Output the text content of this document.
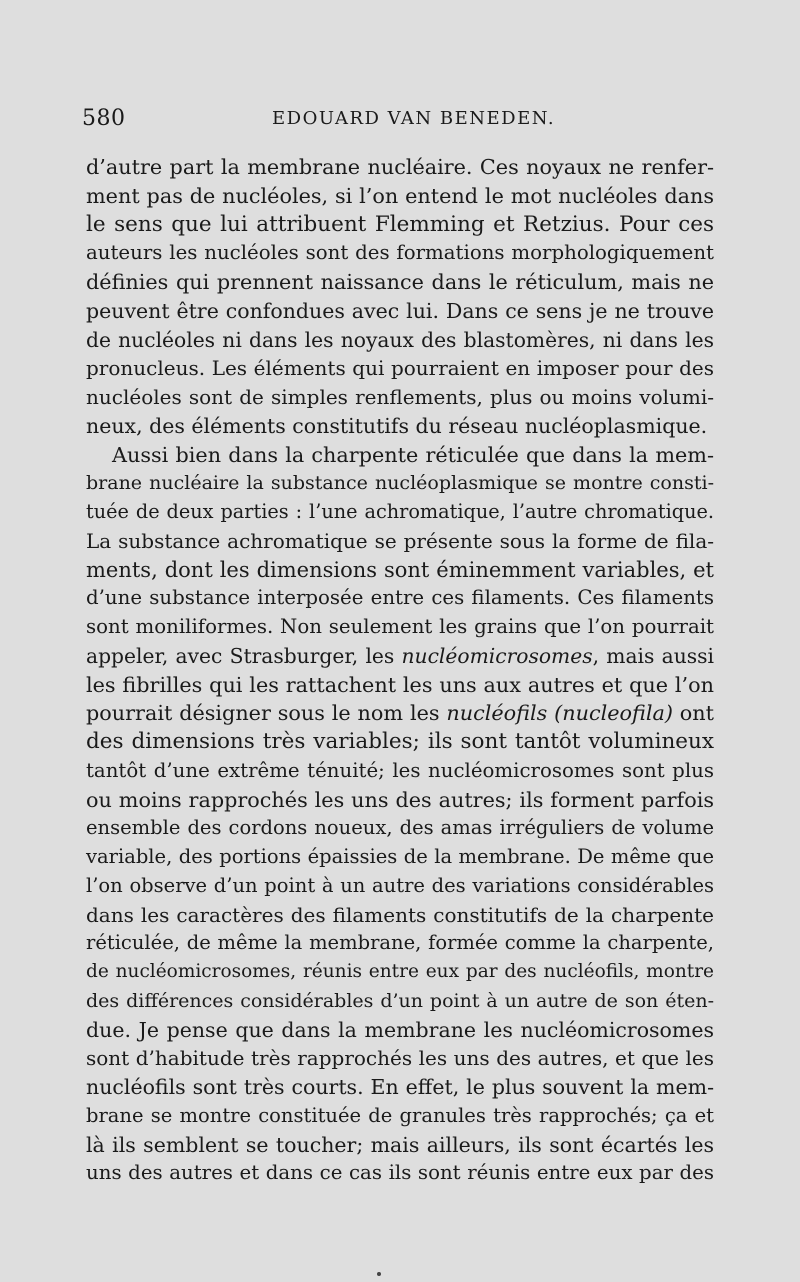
580	EDOUARD VAN BENEDEN.
d’autre part la membrane nucléaire. Ces noyaux ne renfer-
ment pas de nucléoles, si l’on entend le mot nucléoles dans
le sens que lui attribuent Flemming et Retzius. Pour ces
auteurs les nucléoles sont des formations morphologiquement
définies qui prennent naissance dans le réticulum, mais ne
peuvent être confondues avec lui. Dans ce sens je ne trouve
de nucléoles ni dans les noyaux des blastomères, ni dans les
pronucleus. Les éléments qui pourraient en imposer pour des
nucléoles sont de simples renflements, plus ou moins volumi-
neux, des éléments constitutifs du réseau nucléoplasmique.
Aussi bien dans la charpente réticulée que dans la mem-
brane nucléaire la substance nucléoplasmique se montre consti-
tuée de deux parties : l’une achromatique, l’autre chromatique.
La substance achromatique se présente sous la forme de fila-
ments, dont les dimensions sont éminemment variables, et
d’une substance interposée entre ces filaments. Ces filaments
sont moniliformes. Non seulement les grains que l’on pourrait
appeler, avec Strasburger, les nucléomicrosomes, mais aussi
les fibrilles qui les rattachent les uns aux autres et que l’on
pourrait désigner sous le nom les nucléofils (nucleofila) ont
des dimensions très variables; ils sont tantôt volumineux
tantôt d’une extrême ténuité; les nucléomicrosomes sont plus
ou moins rapprochés les uns des autres; ils forment parfois
ensemble des cordons noueux, des amas irréguliers de volume
variable, des portions épaissies de la membrane. De même que
l’on observe d’un point à un autre des variations considérables
dans les caractères des filaments constitutifs de la charpente
réticulée, de même la membrane, formée comme la charpente,
de nucléomicrosomes, réunis entre eux par des nucléofils, montre
des différences considérables d’un point à un autre de son éten-
due. Je pense que dans la membrane les nucléomicrosomes
sont d’habitude très rapprochés les uns des autres, et que les
nucléofils sont très courts. En effet, le plus souvent la mem-
brane se montre constituée de granules très rapprochés; ça et
là ils semblent se toucher; mais ailleurs, ils sont écartés les
uns des autres et dans ce cas ils sont réunis entre eux par des
